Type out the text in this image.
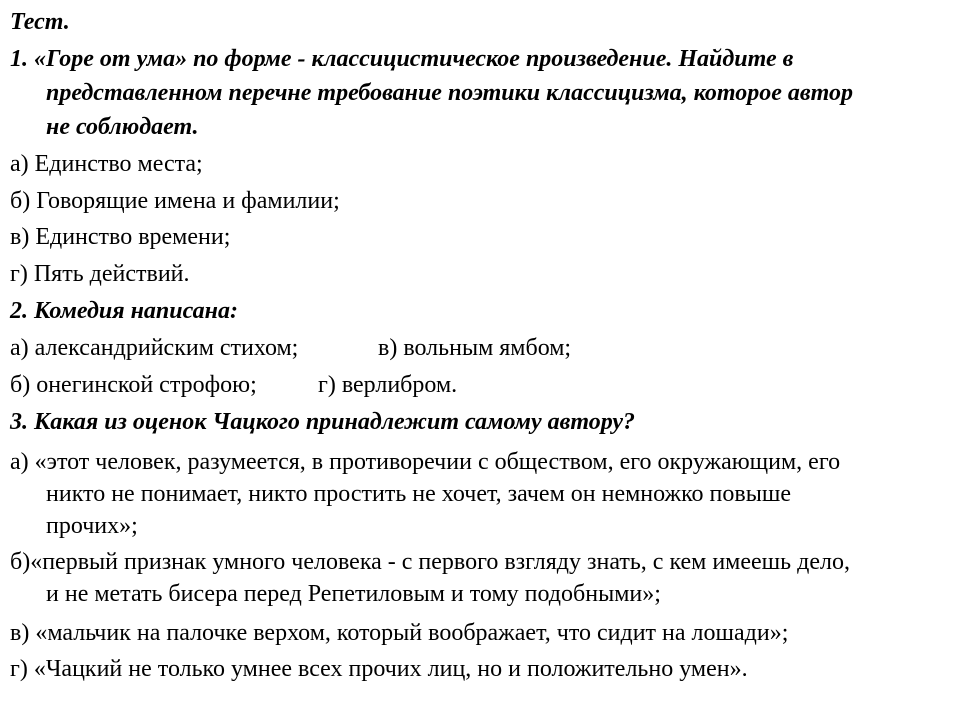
Тест.
1. «Горе от ума» по форме - классицистическое произведение. Найдите в
представленном перечне требование поэтики классицизма, которое автор
не соблюдает.
а) Единство места;
б) Говорящие имена и фамилии;
в) Единство времени;
г) Пять действий.
2. Комедия написана:
а) александрийским стихом;	в) вольным ямбом;
б) онегинской строфою;	г) верлибром.
3. Какая из оценок Чацкого принадлежит самому автору?
а) «этот человек, разумеется, в противоречии с обществом, его окружающим, его
никто не понимает, никто простить не хочет, зачем он немножко повыше
прочих»;
б)«первый признак умного человека - с первого взгляду знать, с кем имеешь дело,
и не метать бисера перед Репетиловым и тому подобными»;
в) «мальчик на палочке верхом, который воображает, что сидит на лошади»;
г) «Чацкий не только умнее всех прочих лиц, но и положительно умен».
